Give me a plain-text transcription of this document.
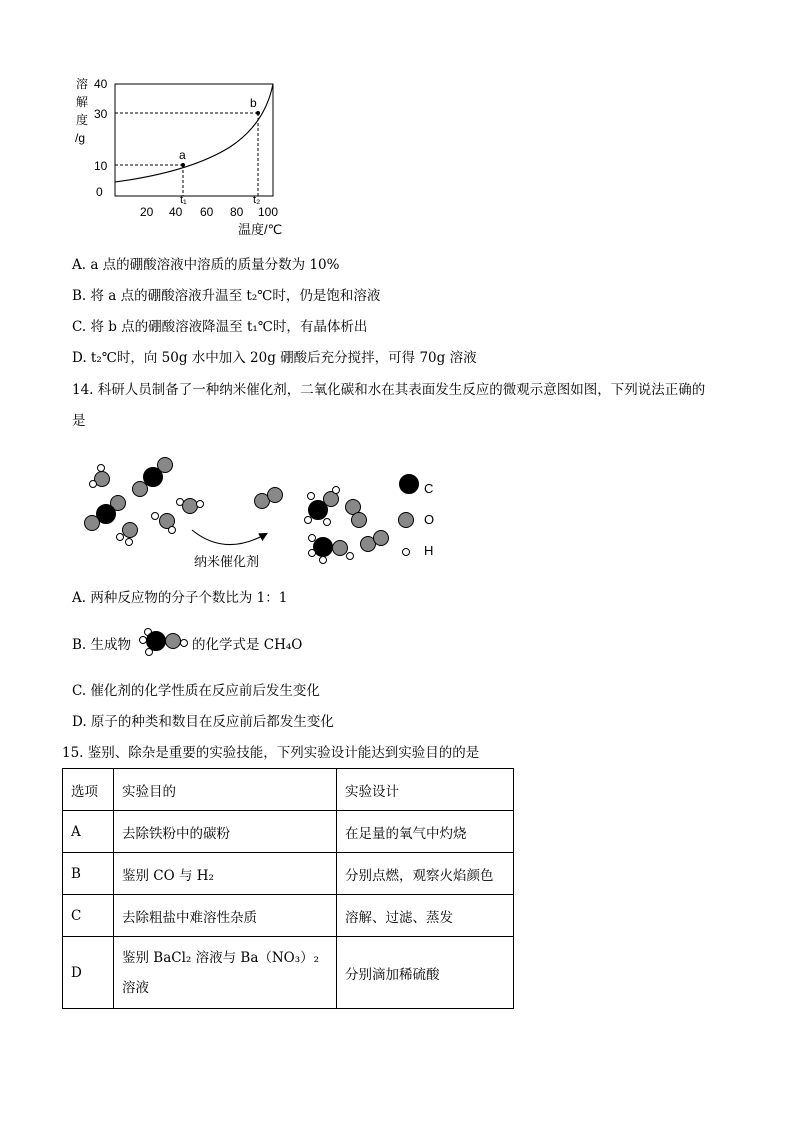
溶
解
度
/g
40
30
10
0
20 40 60 80 100
a
t₁
b
t₂
温度/℃
A. a 点的硼酸溶液中溶质的质量分数为 10%
B. 将 a 点的硼酸溶液升温至 t₂℃时，仍是饱和溶液
C. 将 b 点的硼酸溶液降温至 t₁℃时，有晶体析出
D. t₂℃时，向 50g 水中加入 20g 硼酸后充分搅拌，可得 70g 溶液
14. 科研人员制备了一种纳米催化剂，二氧化碳和水在其表面发生反应的微观示意图如图，下列说法正确的
是
纳米催化剂
C
O
H
A. 两种反应物的分子个数比为 1：1
B. 生成物	的化学式是 CH₄O
C. 催化剂的化学性质在反应前后发生变化
D. 原子的种类和数目在反应前后都发生变化
15. 鉴别、除杂是重要的实验技能，下列实验设计能达到实验目的的是
选项	实验目的	实验设计
A	去除铁粉中的碳粉	在足量的氧气中灼烧
B	鉴别 CO 与 H₂	分别点燃，观察火焰颜色
C	去除粗盐中难溶性杂质	溶解、过滤、蒸发
D	鉴别 BaCl₂ 溶液与 Ba（NO₃）₂ 溶液	分别滴加稀硫酸
